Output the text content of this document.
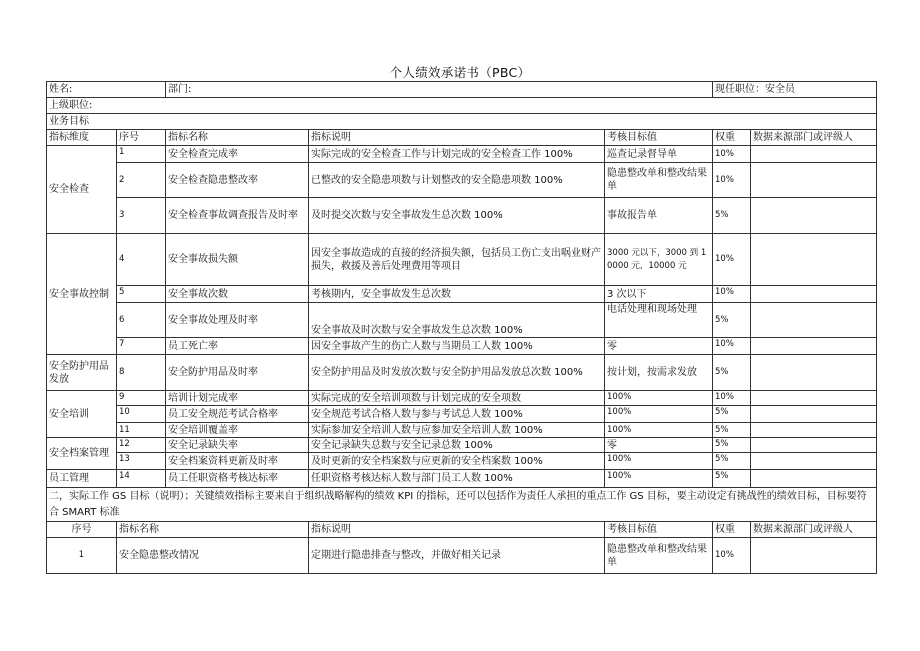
个人绩效承诺书（PBC）
姓名:		部门:			现任职位：安全员	
上级职位:						
业务目标						
指标维度	序号	指标名称	指标说明	考核目标值	权重	数据来源部门或评级人
安全检查	1	安全检查完成率	实际完成的安全检查工作与计划完成的安全检查工作 100%	巡查记录督导单	10%	
	2	安全检查隐患整改率	已整改的安全隐患项数与计划整改的安全隐患项数 100%	隐患整改单和整改结果单	10%	
	3	安全检查事故调查报告及时率	及时提交次数与安全事故发生总次数 100%	事故报告单	5%	
安全事故控制	4	安全事故损失额	因安全事故造成的直接的经济损失额，包括员工伤亡支出㖞业财产损失，救援及善后处理费用等项目	3000 元以下，3000 到 10000 元，10000 元	10%	
	5	安全事故次数	考核期内，安全事故发生总次数	3 次以下	10%	
	6	安全事故处理及时率	安全事故及时次数与安全事故发生总次数 100%	电话处理和现场处理	5%	
	7	员工死亡率	因安全事故产生的伤亡人数与当期员工人数 100%	零	10%	
安全防护用品发放	8	安全防护用品及时率	安全防护用品及时发放次数与安全防护用品发放总次数 100%	按计划，按需求发放	5%	
安全培训	9	培训计划完成率	实际完成的安全培训项数与计划完成的安全项数	100%	10%	
	10	员工安全规范考试合格率	安全规范考试合格人数与参与考试总人数 100%	100%	5%	
	11	安全培训覆盖率	实际参加安全培训人数与应参加安全培训人数 100%	100%	5%	
安全档案管理	12	安全记录缺失率	安全记录缺失总数与安全记录总数 100%	零	5%	
	13	安全档案资料更新及时率	及时更新的安全档案数与应更新的安全档案数 100%	100%	5%	
员工管理	14	员工任职资格考核达标率	任职资格考核达标人数与部门员工人数 100%	100%	5%	
二，实际工作 GS 目标（说明）；关键绩效指标主要来自于组织战略解构的绩效 KPI 的指标，还可以包括作为责任人承担的重点工作 GS 目标，要主动设定有挑战性的绩效目标，目标要符合 SMART 标准						
序号	指标名称		指标说明	考核目标值	权重	数据来源部门或评级人
1	安全隐患整改情况		定期进行隐患排查与整改，并做好相关记录	隐患整改单和整改结果单	10%	
